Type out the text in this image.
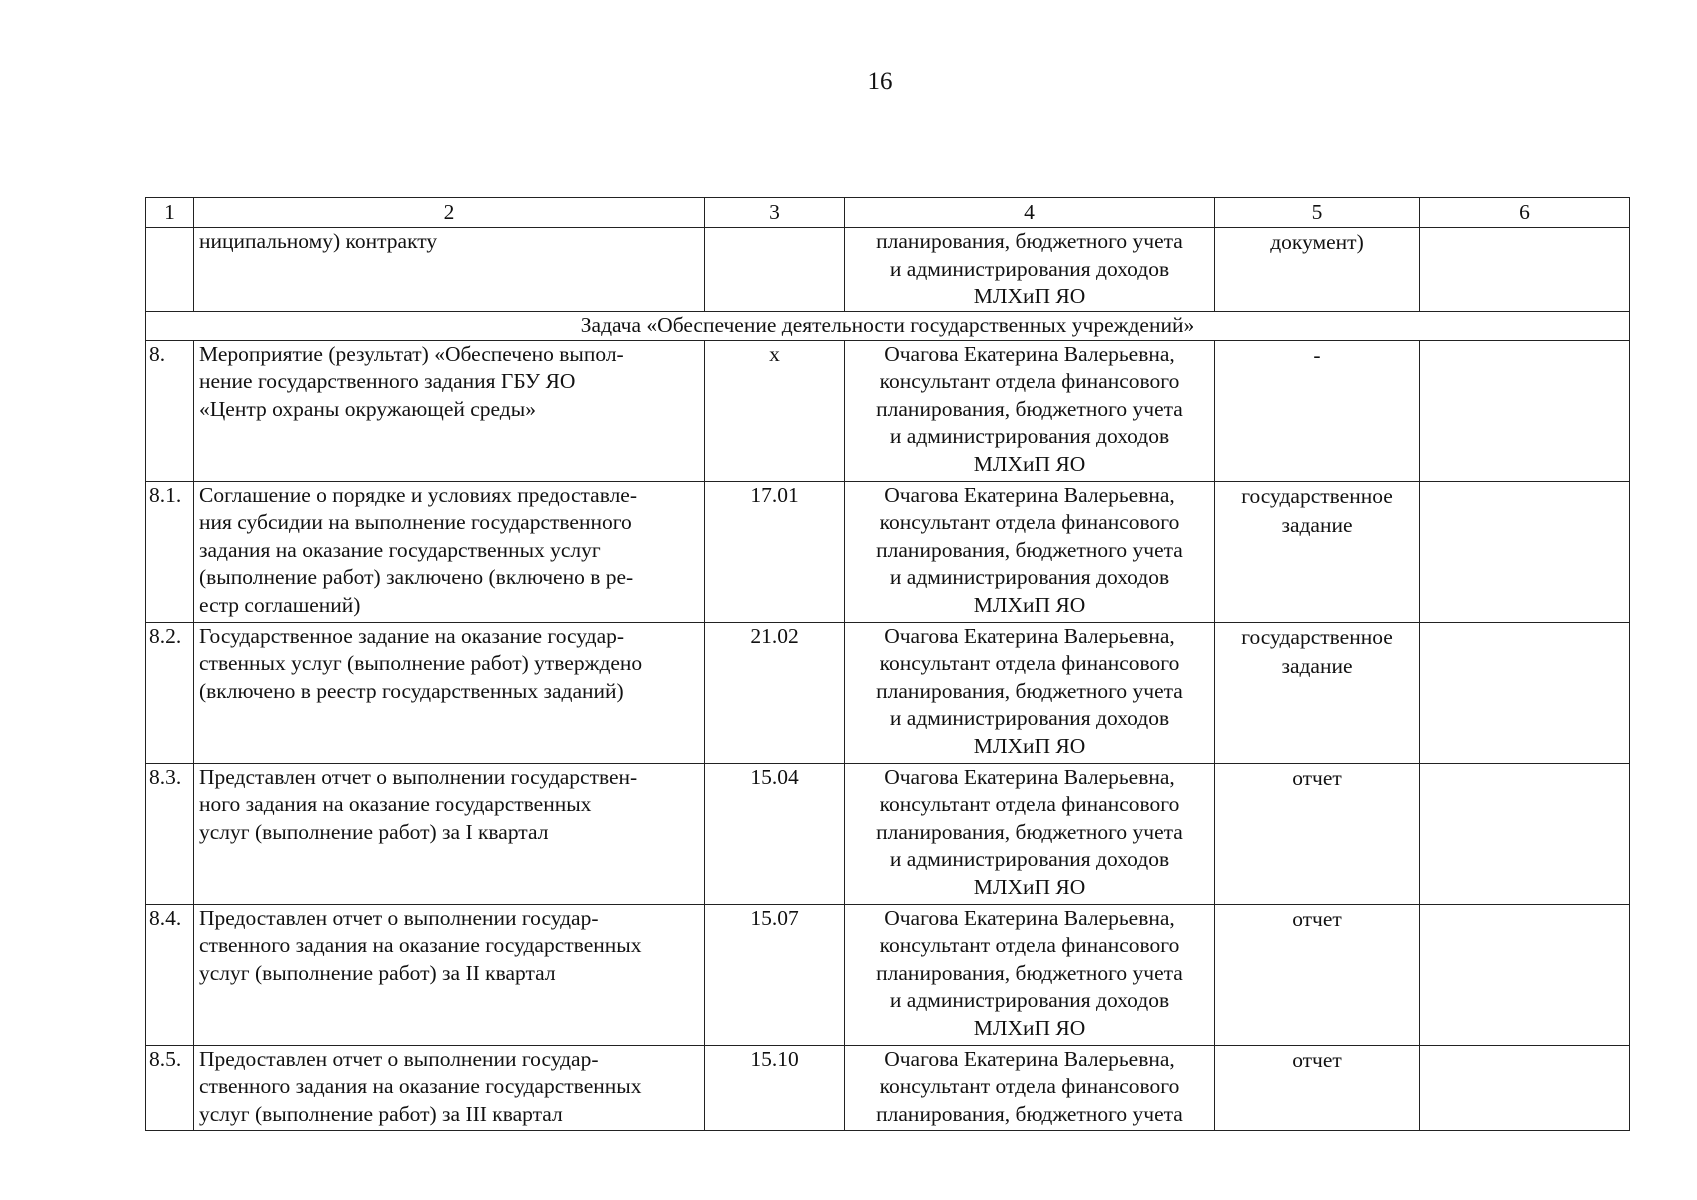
16
1	2	3	4	5	6

	ниципальному) контракту		планирования, бюджетного учета
и администрирования доходов
МЛХиП ЯО	документ)	

Задача «Обеспечение деятельности государственных учреждений»					
8.	Мероприятие (результат) «Обеспечено выпол-
нение государственного задания ГБУ ЯО
«Центр охраны окружающей среды»	x	Очагова Екатерина Валерьевна,
консультант отдела финансового
планирования, бюджетного учета
и администрирования доходов
МЛХиП ЯО	-	

8.1.	Соглашение о порядке и условиях предоставле-
ния субсидии на выполнение государственного
задания на оказание государственных услуг
(выполнение работ) заключено (включено в ре-
естр соглашений)	17.01	Очагова Екатерина Валерьевна,
консультант отдела финансового
планирования, бюджетного учета
и администрирования доходов
МЛХиП ЯО	государственное
задание	

8.2.	Государственное задание на оказание государ-
ственных услуг (выполнение работ) утверждено
(включено в реестр государственных заданий)	21.02	Очагова Екатерина Валерьевна,
консультант отдела финансового
планирования, бюджетного учета
и администрирования доходов
МЛХиП ЯО	государственное
задание	

8.3.	Представлен отчет о выполнении государствен-
ного задания на оказание государственных
услуг (выполнение работ) за I квартал	15.04	Очагова Екатерина Валерьевна,
консультант отдела финансового
планирования, бюджетного учета
и администрирования доходов
МЛХиП ЯО	отчет	

8.4.	Предоставлен отчет о выполнении государ-
ственного задания на оказание государственных
услуг (выполнение работ) за II квартал	15.07	Очагова Екатерина Валерьевна,
консультант отдела финансового
планирования, бюджетного учета
и администрирования доходов
МЛХиП ЯО	отчет	

8.5.	Предоставлен отчет о выполнении государ-
ственного задания на оказание государственных
услуг (выполнение работ) за III квартал	15.10	Очагова Екатерина Валерьевна,
консультант отдела финансового
планирования, бюджетного учета	отчет	
